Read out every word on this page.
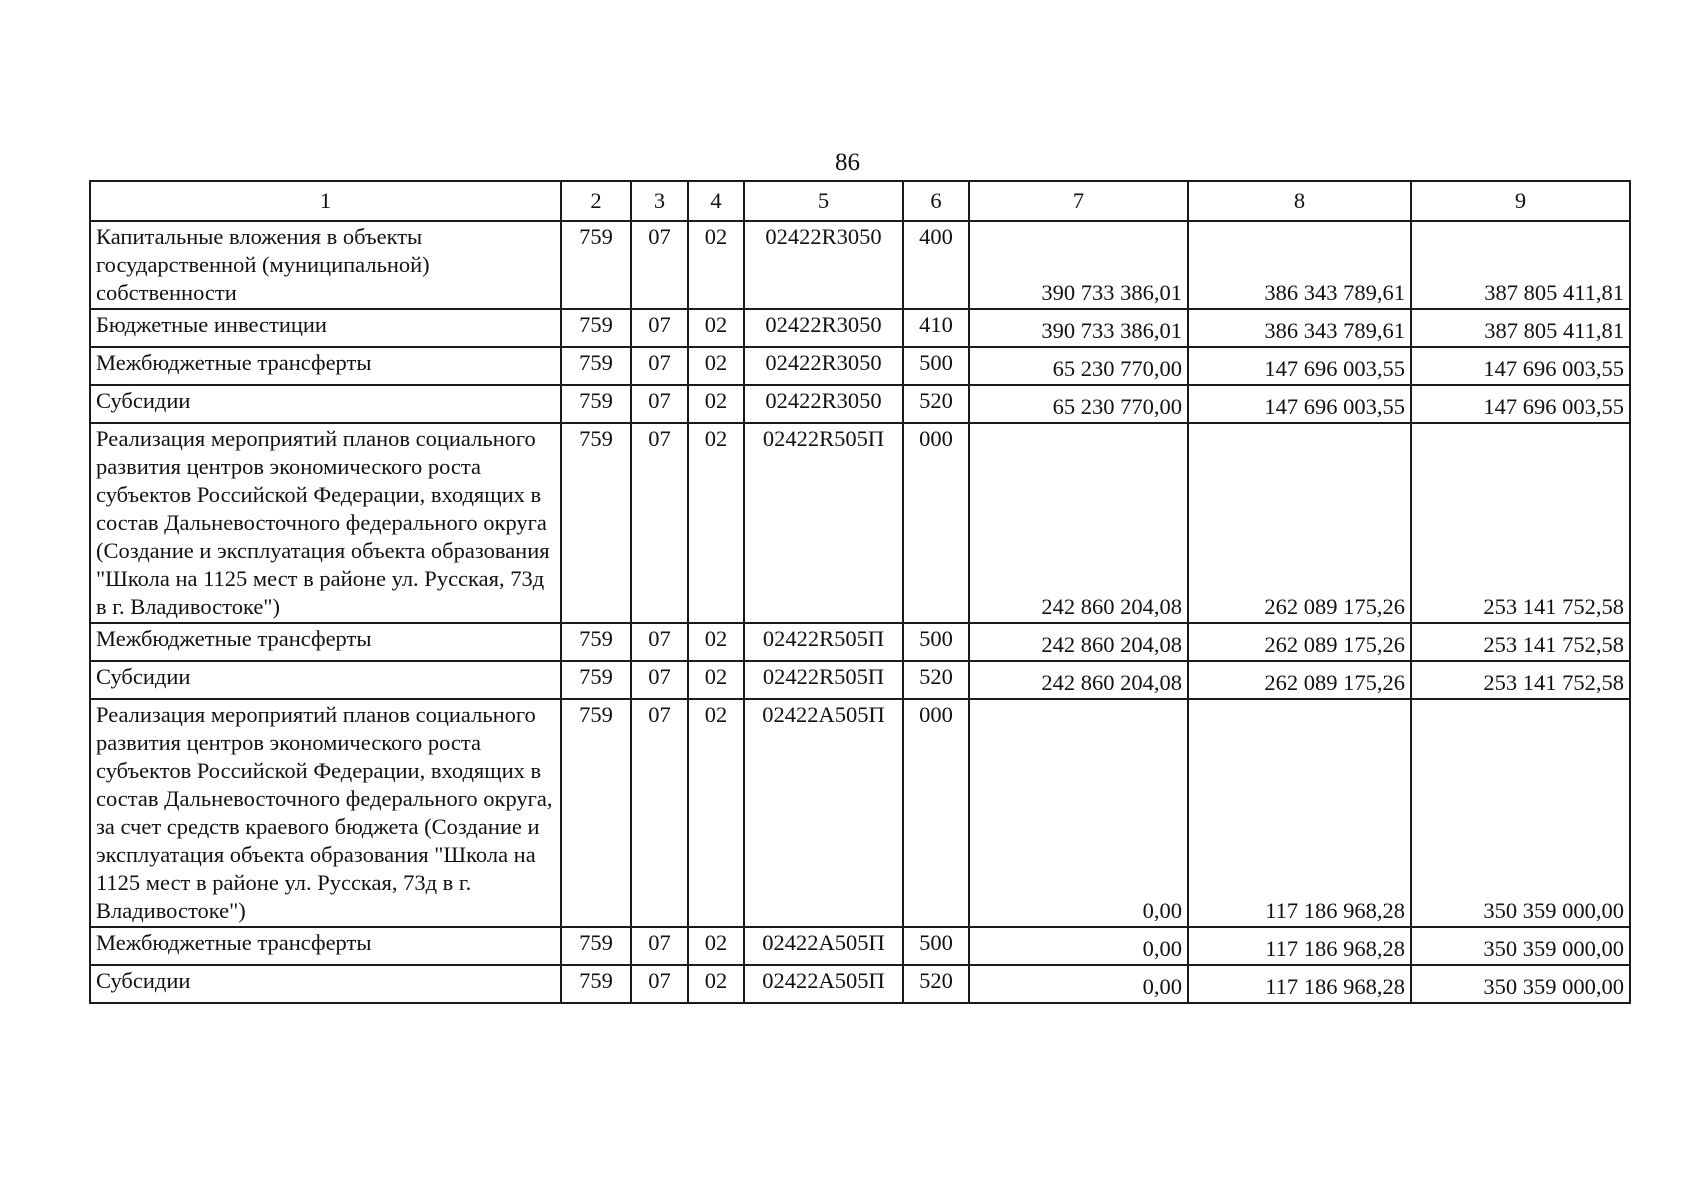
86
1	2	3	4	5	6	7	8	9
Капитальные вложения в объекты государственной (муниципальной) собственности	759	07	02	02422R3050	400	390 733 386,01	386 343 789,61	387 805 411,81
Бюджетные инвестиции	759	07	02	02422R3050	410	390 733 386,01	386 343 789,61	387 805 411,81
Межбюджетные трансферты	759	07	02	02422R3050	500	65 230 770,00	147 696 003,55	147 696 003,55
Субсидии	759	07	02	02422R3050	520	65 230 770,00	147 696 003,55	147 696 003,55
Реализация мероприятий планов социального развития центров экономического роста субъектов Российской Федерации, входящих в состав Дальневосточного федерального округа (Создание и эксплуатация объекта образования "Школа на 1125 мест в районе ул. Русская, 73д в г. Владивостоке")	759	07	02	02422R505П	000	242 860 204,08	262 089 175,26	253 141 752,58
Межбюджетные трансферты	759	07	02	02422R505П	500	242 860 204,08	262 089 175,26	253 141 752,58
Субсидии	759	07	02	02422R505П	520	242 860 204,08	262 089 175,26	253 141 752,58
Реализация мероприятий планов социального развития центров экономического роста субъектов Российской Федерации, входящих в состав Дальневосточного федерального округа, за счет средств краевого бюджета (Создание и эксплуатация объекта образования "Школа на 1125 мест в районе ул. Русская, 73д в г. Владивостоке")	759	07	02	02422А505П	000	0,00	117 186 968,28	350 359 000,00
Межбюджетные трансферты	759	07	02	02422А505П	500	0,00	117 186 968,28	350 359 000,00
Субсидии	759	07	02	02422А505П	520	0,00	117 186 968,28	350 359 000,00
